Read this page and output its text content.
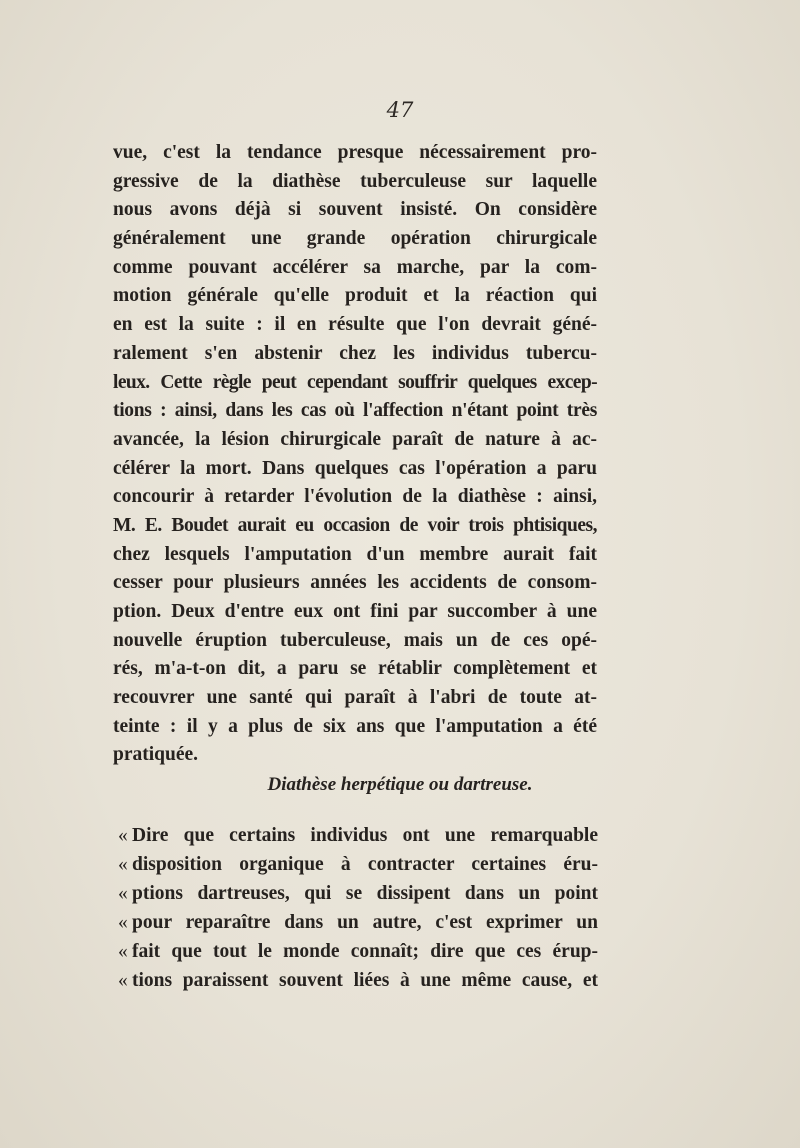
47
vue, c'est la tendance presque nécessairement pro-
gressive de la diathèse tuberculeuse sur laquelle
nous avons déjà si souvent insisté. On considère
généralement une grande opération chirurgicale
comme pouvant accélérer sa marche, par la com-
motion générale qu'elle produit et la réaction qui
en est la suite : il en résulte que l'on devrait géné-
ralement s'en abstenir chez les individus tubercu-
leux. Cette règle peut cependant souffrir quelques excep-
tions : ainsi, dans les cas où l'affection n'étant point très
avancée, la lésion chirurgicale paraît de nature à ac-
célérer la mort. Dans quelques cas l'opération a paru
concourir à retarder l'évolution de la diathèse : ainsi,
M. E. Boudet aurait eu occasion de voir trois phtisiques,
chez lesquels l'amputation d'un membre aurait fait
cesser pour plusieurs années les accidents de consom-
ption. Deux d'entre eux ont fini par succomber à une
nouvelle éruption tuberculeuse, mais un de ces opé-
rés, m'a-t-on dit, a paru se rétablir complètement et
recouvrer une santé qui paraît à l'abri de toute at-
teinte : il y a plus de six ans que l'amputation a été
pratiquée.
Diathèse herpétique ou dartreuse.
« Dire que certains individus ont une remarquable
« disposition organique à contracter certaines éru-
« ptions dartreuses, qui se dissipent dans un point
« pour reparaître dans un autre, c'est exprimer un
« fait que tout le monde connaît; dire que ces érup-
« tions paraissent souvent liées à une même cause, et
